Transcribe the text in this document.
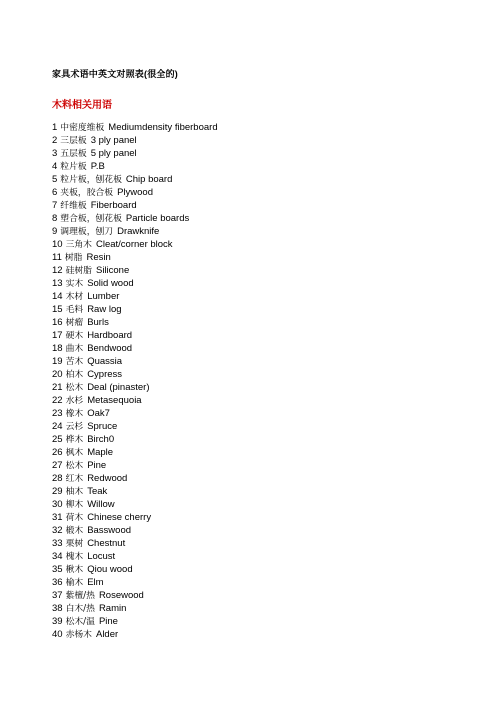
家具术语中英文对照表(很全的)
木料相关用语
1 中密度维板 Mediumdensity fiberboard
2 三层板 3 ply panel
3 五层板 5 ply panel
4 粒片板 P.B
5 粒片板，刨花板 Chip board
6 夹板，胶合板 Plywood
7 纤维板 Fiberboard
8 塑合板，刨花板 Particle boards
9 调理板，刨刀 Drawknife
10 三角木 Cleat/corner block
11 树脂 Resin
12 硅树脂 Silicone
13 实木 Solid wood
14 木材 Lumber
15 毛料 Raw log
16 树瘤 Burls
17 硬木 Hardboard
18 曲木 Bendwood
19 苦木 Quassia
20 柏木 Cypress
21 松木 Deal (pinaster)
22 水杉 Metasequoia
23 橡木 Oak7
24 云杉 Spruce
25 桦木 Birch0
26 枫木 Maple
27 松木 Pine
28 红木 Redwood
29 柚木 Teak
30 柳木 Willow
31 荷木 Chinese cherry
32 椴木 Basswood
33 栗树 Chestnut
34 槐木 Locust
35 楸木 Qiou wood
36 榆木 Elm
37 紫檀/热 Rosewood
38 白木/热 Ramin
39 松木/温 Pine
40 赤杨木 Alder
